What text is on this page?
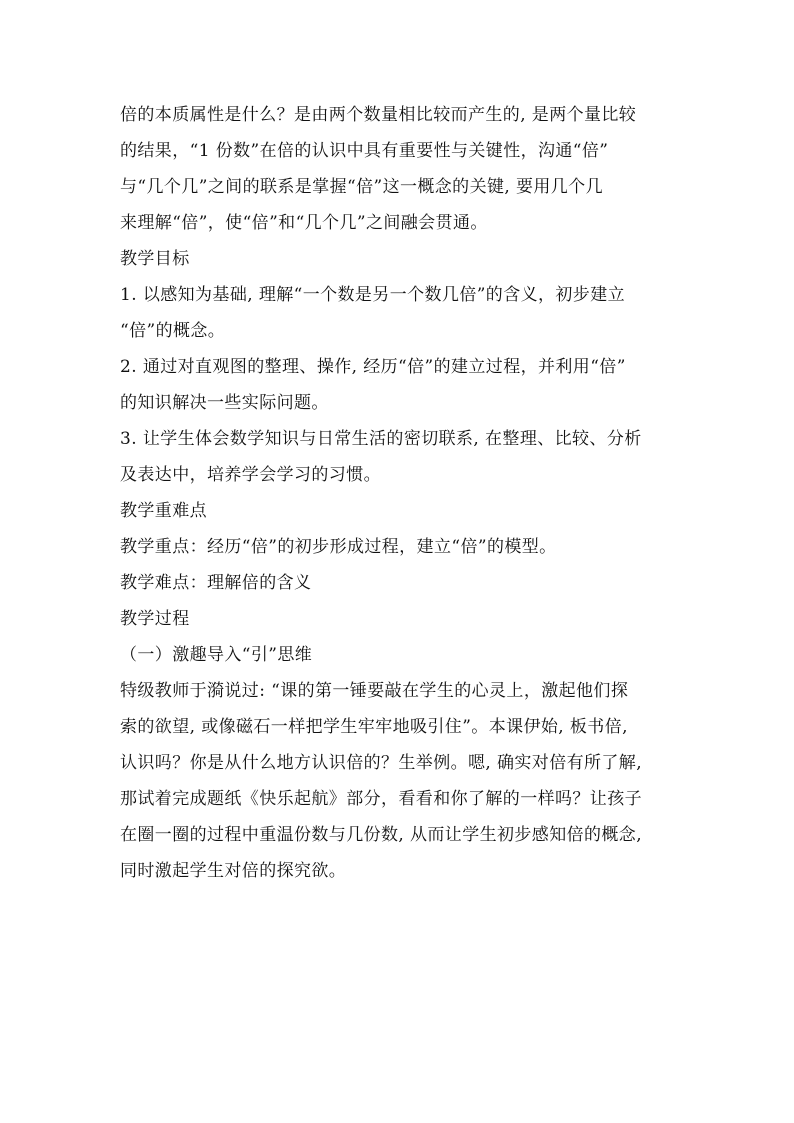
倍的本质属性是什么？是由两个数量相比较而产生的, 是两个量比较
的结果，“1 份数”在倍的认识中具有重要性与关键性，沟通“倍”
与“几个几”之间的联系是掌握“倍”这一概念的关键, 要用几个几
来理解“倍”，使“倍”和“几个几”之间融会贯通。
教学目标
1. 以感知为基础, 理解“一个数是另一个数几倍”的含义，初步建立
“倍”的概念。
2. 通过对直观图的整理、操作, 经历“倍”的建立过程，并利用“倍”
的知识解决一些实际问题。
3. 让学生体会数学知识与日常生活的密切联系, 在整理、比较、分析
及表达中，培养学会学习的习惯。
教学重难点
教学重点：经历“倍”的初步形成过程，建立“倍”的模型。
教学难点：理解倍的含义
教学过程
（一）激趣导入“引”思维
特级教师于漪说过: “课的第一锤要敲在学生的心灵上，激起他们探
索的欲望, 或像磁石一样把学生牢牢地吸引住”。本课伊始, 板书倍,
认识吗？你是从什么地方认识倍的？生举例。嗯, 确实对倍有所了解,
那试着完成题纸《快乐起航》部分，看看和你了解的一样吗？让孩子
在圈一圈的过程中重温份数与几份数, 从而让学生初步感知倍的概念,
同时激起学生对倍的探究欲。
